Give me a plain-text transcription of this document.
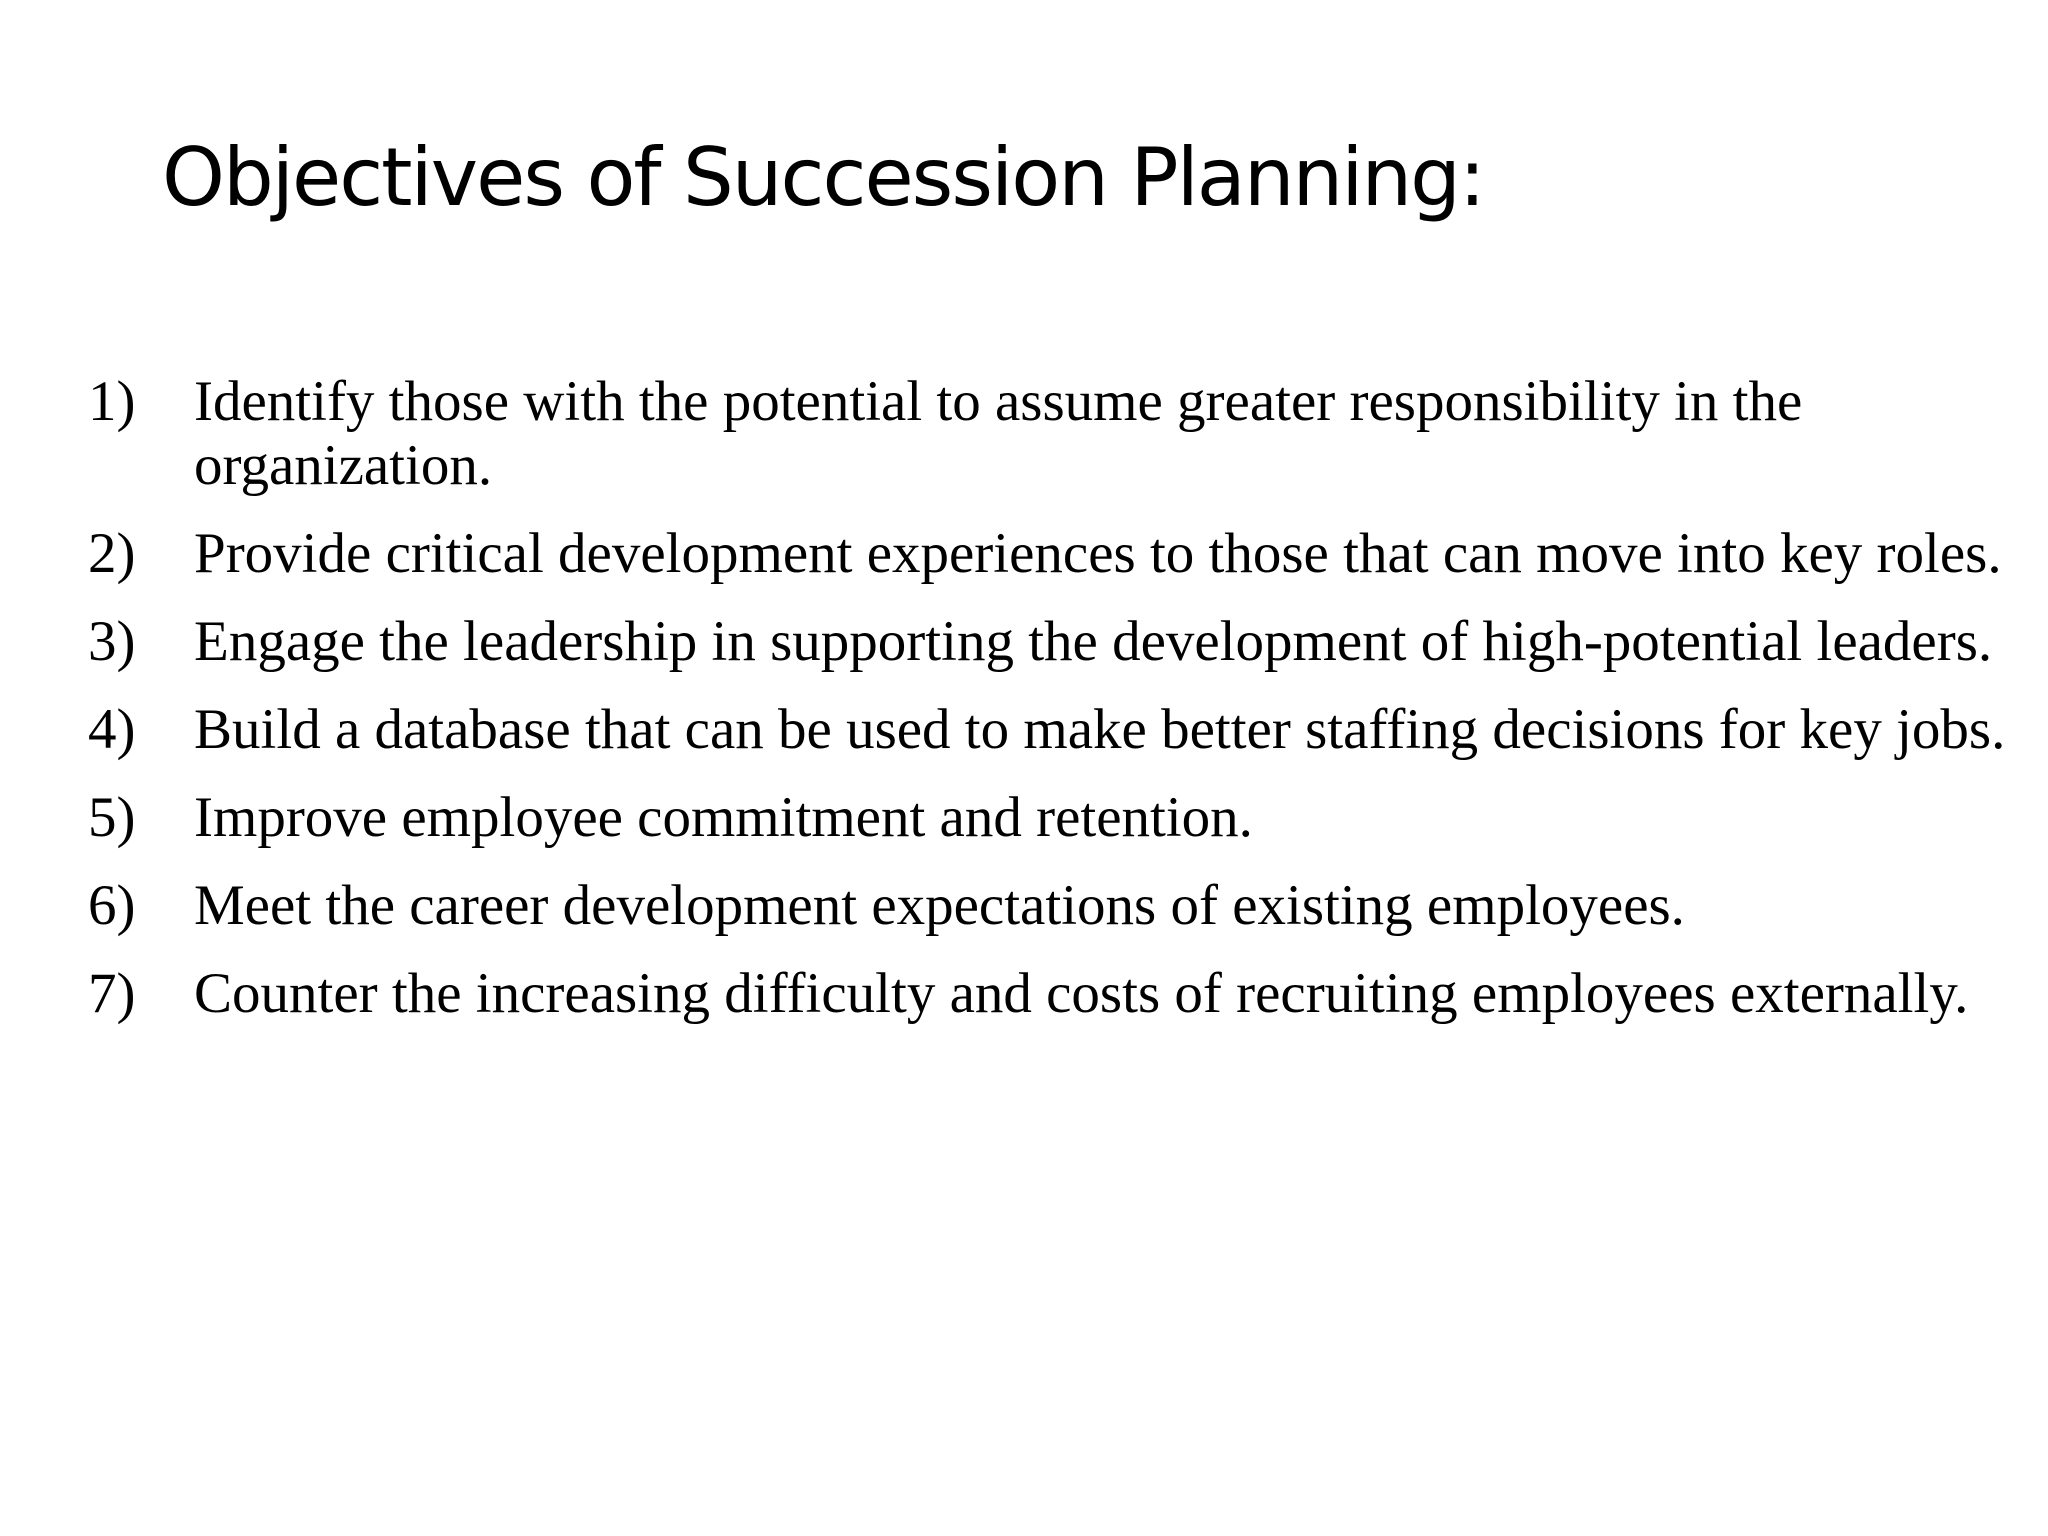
Objectives of Succession Planning:
1)	Identify those with the potential to assume greater responsibility in the organization.
2)	Provide critical development experiences to those that can move into key roles.
3)	Engage the leadership in supporting the development of high-potential leaders.
4)	Build a database that can be used to make better staffing decisions for key jobs.
5)	Improve employee commitment and retention.
6)	Meet the career development expectations of existing employees.
7)	Counter the increasing difficulty and costs of recruiting employees externally.
